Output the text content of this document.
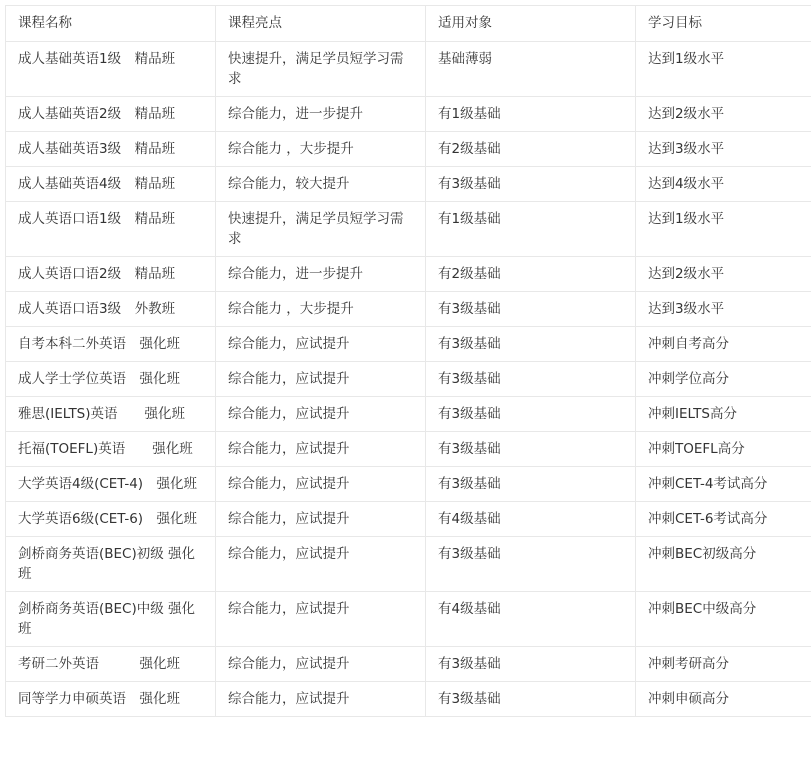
课程名称	课程亮点	适用对象	学习目标
成人基础英语1级　精品班	快速提升，满足学员短学习需求	基础薄弱	达到1级水平
成人基础英语2级　精品班	综合能力，进一步提升	有1级基础	达到2级水平
成人基础英语3级　精品班	综合能力 ，大步提升	有2级基础	达到3级水平
成人基础英语4级　精品班	综合能力，较大提升	有3级基础	达到4级水平
成人英语口语1级　精品班	快速提升，满足学员短学习需求	有1级基础	达到1级水平
成人英语口语2级　精品班	综合能力，进一步提升	有2级基础	达到2级水平
成人英语口语3级　外教班	综合能力 ，大步提升	有3级基础	达到3级水平
自考本科二外英语　强化班	综合能力，应试提升	有3级基础	冲刺自考高分
成人学士学位英语　强化班	综合能力，应试提升	有3级基础	冲刺学位高分
雅思(IELTS)英语　　强化班	综合能力，应试提升	有3级基础	冲刺IELTS高分
托福(TOEFL)英语　　强化班	综合能力，应试提升	有3级基础	冲刺TOEFL高分
大学英语4级(CET-4)　强化班	综合能力，应试提升	有3级基础	冲刺CET-4考试高分
大学英语6级(CET-6)　强化班	综合能力，应试提升	有4级基础	冲刺CET-6考试高分
剑桥商务英语(BEC)初级 强化班	综合能力，应试提升	有3级基础	冲刺BEC初级高分
剑桥商务英语(BEC)中级 强化班	综合能力，应试提升	有4级基础	冲刺BEC中级高分
考研二外英语　　　强化班	综合能力，应试提升	有3级基础	冲刺考研高分
同等学力申硕英语　强化班	综合能力，应试提升	有3级基础	冲刺申硕高分
